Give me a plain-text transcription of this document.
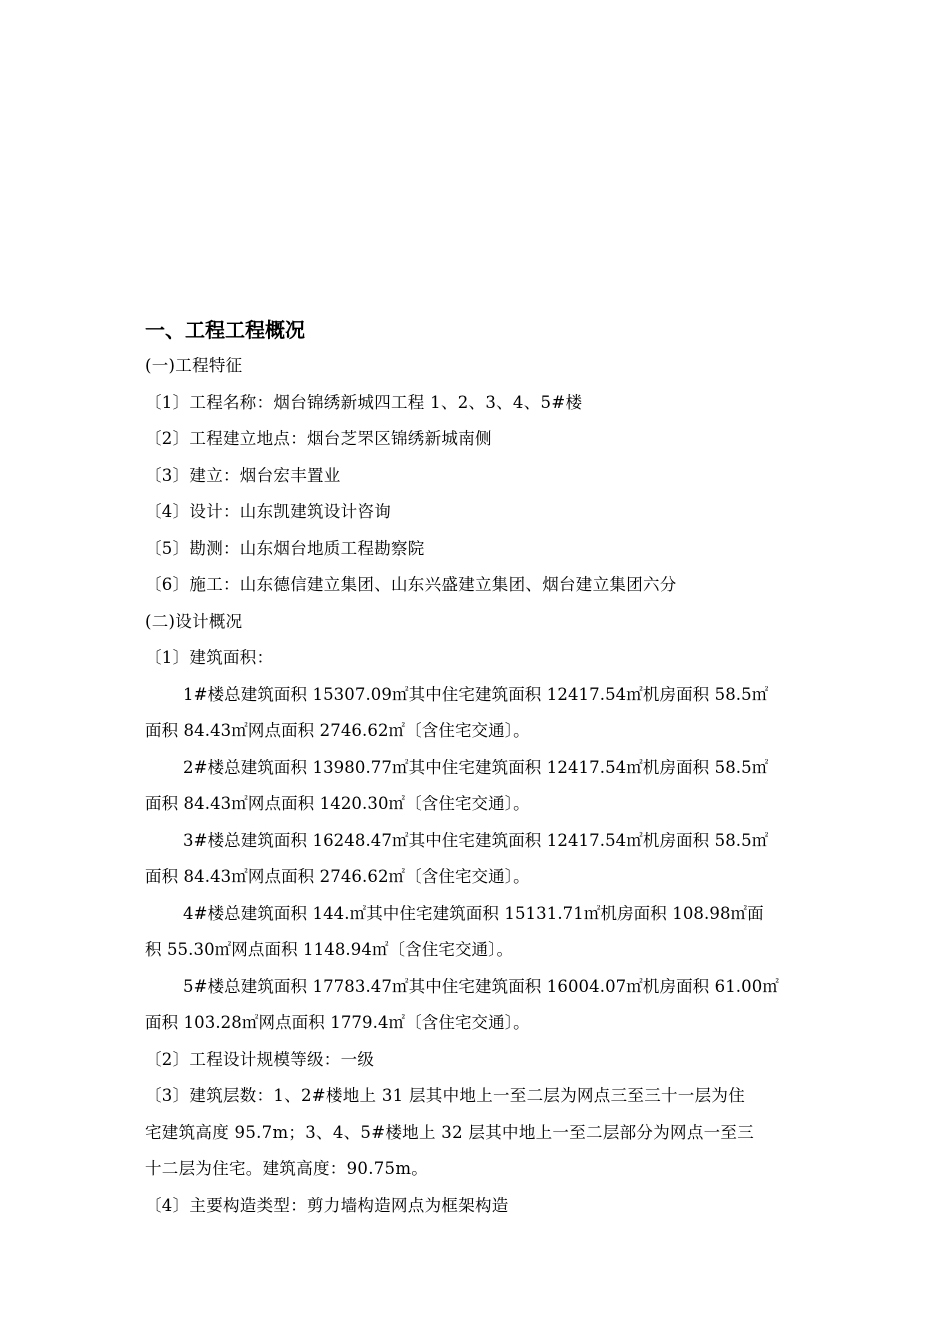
一、工程工程概况
(一)工程特征
〔1〕工程名称：烟台锦绣新城四工程 1、2、3、4、5#楼
〔2〕工程建立地点：烟台芝罘区锦绣新城南侧
〔3〕建立：烟台宏丰置业
〔4〕设计：山东凯建筑设计咨询
〔5〕勘测：山东烟台地质工程勘察院
〔6〕施工：山东德信建立集团、山东兴盛建立集团、烟台建立集团六分
(二)设计概况
〔1〕建筑面积：
1#楼总建筑面积 15307.09㎡其中住宅建筑面积 12417.54㎡机房面积 58.5㎡
面积 84.43㎡网点面积 2746.62㎡〔含住宅交通〕。
2#楼总建筑面积 13980.77㎡其中住宅建筑面积 12417.54㎡机房面积 58.5㎡
面积 84.43㎡网点面积 1420.30㎡〔含住宅交通〕。
3#楼总建筑面积 16248.47㎡其中住宅建筑面积 12417.54㎡机房面积 58.5㎡
面积 84.43㎡网点面积 2746.62㎡〔含住宅交通〕。
4#楼总建筑面积 144.㎡其中住宅建筑面积 15131.71㎡机房面积 108.98㎡面
积 55.30㎡网点面积 1148.94㎡〔含住宅交通〕。
5#楼总建筑面积 17783.47㎡其中住宅建筑面积 16004.07㎡机房面积 61.00㎡
面积 103.28㎡网点面积 1779.4㎡〔含住宅交通〕。
〔2〕工程设计规模等级：一级
〔3〕建筑层数：1、2#楼地上 31 层其中地上一至二层为网点三至三十一层为住
宅建筑高度 95.7m；3、4、5#楼地上 32 层其中地上一至二层部分为网点一至三
十二层为住宅。建筑高度：90.75m。
〔4〕主要构造类型：剪力墙构造网点为框架构造
